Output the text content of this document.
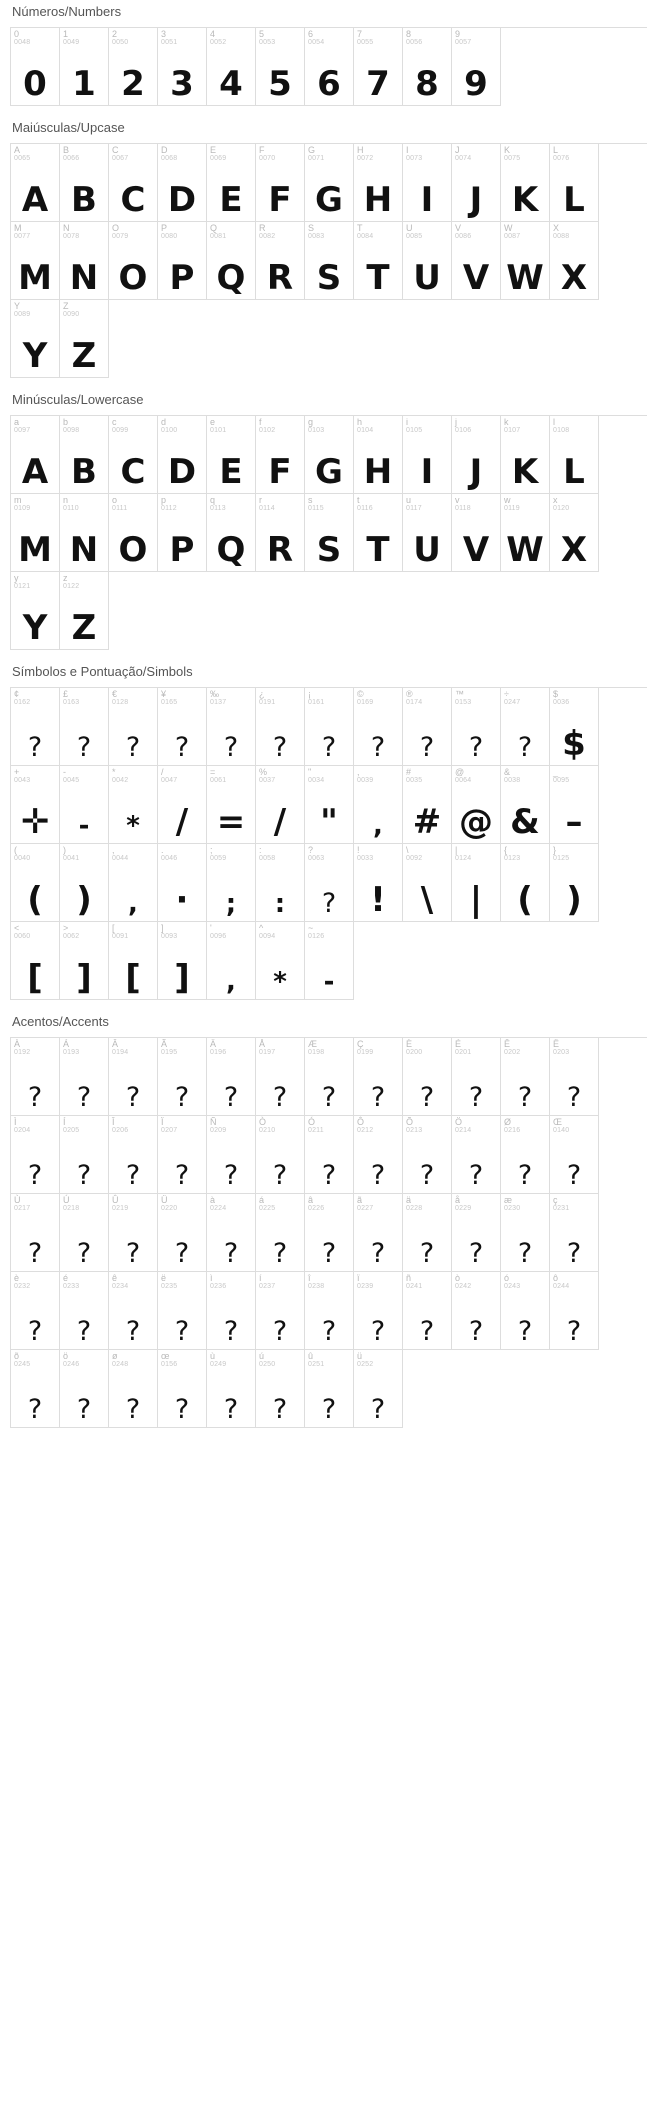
Números/Numbers
0
0048
0
1
0049
1
2
0050
2
3
0051
3
4
0052
4
5
0053
5
6
0054
6
7
0055
7
8
0056
8
9
0057
9
Maiúsculas/Upcase
A
0065
A
B
0066
B
C
0067
C
D
0068
D
E
0069
E
F
0070
F
G
0071
G
H
0072
H
I
0073
I
J
0074
J
K
0075
K
L
0076
L
M
0077
M
N
0078
N
O
0079
O
P
0080
P
Q
0081
Q
R
0082
R
S
0083
S
T
0084
T
U
0085
U
V
0086
V
W
0087
W
X
0088
X
Y
0089
Y
Z
0090
Z
Minúsculas/Lowercase
a
0097
A
b
0098
B
c
0099
C
d
0100
D
e
0101
E
f
0102
F
g
0103
G
h
0104
H
i
0105
I
j
0106
J
k
0107
K
l
0108
L
m
0109
M
n
0110
N
o
0111
O
p
0112
P
q
0113
Q
r
0114
R
s
0115
S
t
0116
T
u
0117
U
v
0118
V
w
0119
W
x
0120
X
y
0121
Y
z
0122
Z
Símbolos e Pontuação/Simbols
¢
0162
?
£
0163
?
€
0128
?
¥
0165
?
‰
0137
?
¿
0191
?
¡
0161
?
©
0169
?
®
0174
?
™
0153
?
÷
0247
?
$
0036
$
+
0043
✛
-
0045
-
*
0042
*
/
0047
/
=
0061
=
%
0037
/
"
0034
"
,
0039
,
#
0035
#
@
0064
@
&
0038
&
_
0095
–
(
0040
(
)
0041
)
,
0044
,
.
0046
·
;
0059
;
:
0058
:
?
0063
?
!
0033
!
\
0092
\
|
0124
|
{
0123
(
}
0125
)
<
0060
[
>
0062
]
[
0091
[
]
0093
]
'
0096
,
^
0094
*
~
0126
-
Acentos/Accents
À
0192
?
Á
0193
?
Â
0194
?
Ã
0195
?
Ä
0196
?
Å
0197
?
Æ
0198
?
Ç
0199
?
È
0200
?
É
0201
?
Ê
0202
?
Ë
0203
?
Ì
0204
?
Í
0205
?
Î
0206
?
Ï
0207
?
Ñ
0209
?
Ò
0210
?
Ó
0211
?
Ô
0212
?
Õ
0213
?
Ö
0214
?
Ø
0216
?
Œ
0140
?
Ù
0217
?
Ú
0218
?
Û
0219
?
Ü
0220
?
à
0224
?
á
0225
?
â
0226
?
ã
0227
?
ä
0228
?
å
0229
?
æ
0230
?
ç
0231
?
è
0232
?
é
0233
?
ê
0234
?
ë
0235
?
ì
0236
?
í
0237
?
î
0238
?
ï
0239
?
ñ
0241
?
ò
0242
?
ó
0243
?
ô
0244
?
õ
0245
?
ö
0246
?
ø
0248
?
œ
0156
?
ù
0249
?
ú
0250
?
û
0251
?
ü
0252
?
